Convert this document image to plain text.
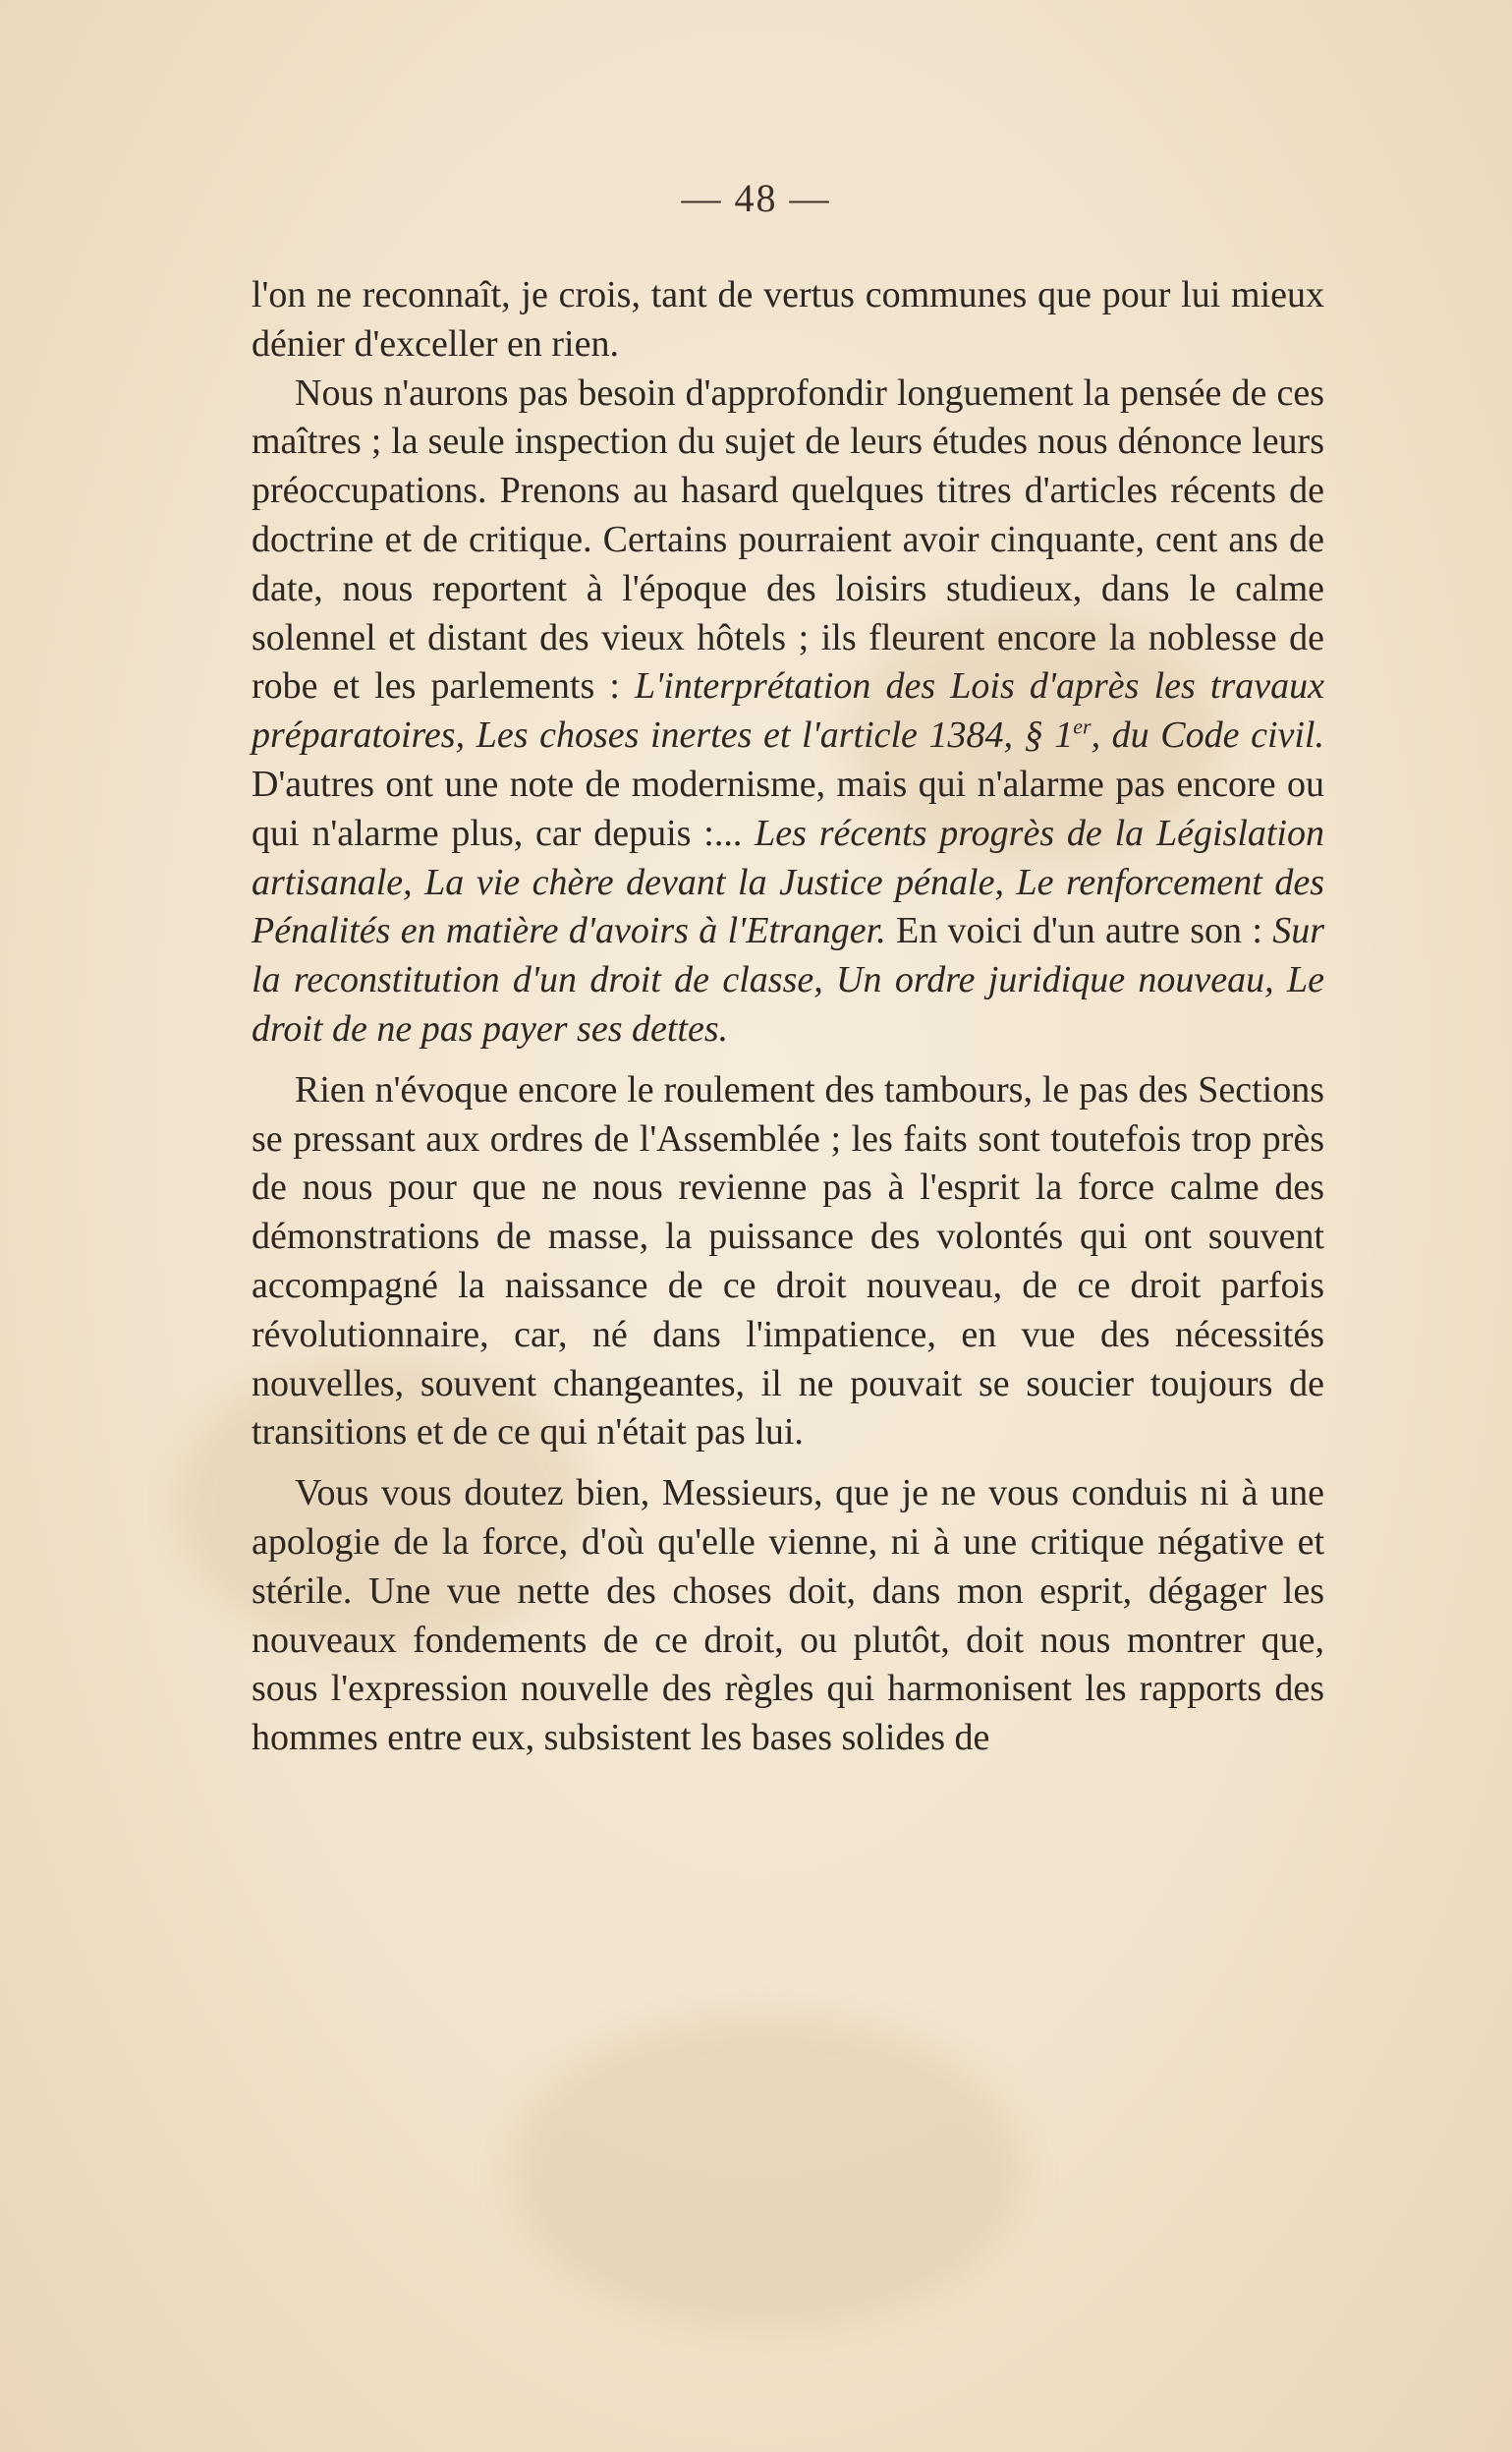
— 48 —

l'on ne reconnaît, je crois, tant de vertus communes que pour lui mieux dénier d'exceller en rien.

Nous n'aurons pas besoin d'approfondir longuement la pensée de ces maîtres ; la seule inspection du sujet de leurs études nous dénonce leurs préoccupations. Prenons au hasard quelques titres d'articles récents de doctrine et de critique. Certains pourraient avoir cinquante, cent ans de date, nous reportent à l'époque des loisirs studieux, dans le calme solennel et distant des vieux hôtels ; ils fleurent encore la noblesse de robe et les parlements : L'interprétation des Lois d'après les travaux préparatoires, Les choses inertes et l'article 1384, § 1er, du Code civil. D'autres ont une note de modernisme, mais qui n'alarme pas encore ou qui n'alarme plus, car depuis :... Les récents progrès de la Législation artisanale, La vie chère devant la Justice pénale, Le renforcement des Pénalités en matière d'avoirs à l'Etranger. En voici d'un autre son : Sur la reconstitution d'un droit de classe, Un ordre juridique nouveau, Le droit de ne pas payer ses dettes.

Rien n'évoque encore le roulement des tambours, le pas des Sections se pressant aux ordres de l'Assemblée ; les faits sont toutefois trop près de nous pour que ne nous revienne pas à l'esprit la force calme des démonstrations de masse, la puissance des volontés qui ont souvent accompagné la naissance de ce droit nouveau, de ce droit parfois révolutionnaire, car, né dans l'impatience, en vue des nécessités nouvelles, souvent changeantes, il ne pouvait se soucier toujours de transitions et de ce qui n'était pas lui.

Vous vous doutez bien, Messieurs, que je ne vous conduis ni à une apologie de la force, d'où qu'elle vienne, ni à une critique négative et stérile. Une vue nette des choses doit, dans mon esprit, dégager les nouveaux fondements de ce droit, ou plutôt, doit nous montrer que, sous l'expression nouvelle des règles qui harmonisent les rapports des hommes entre eux, subsistent les bases solides de
